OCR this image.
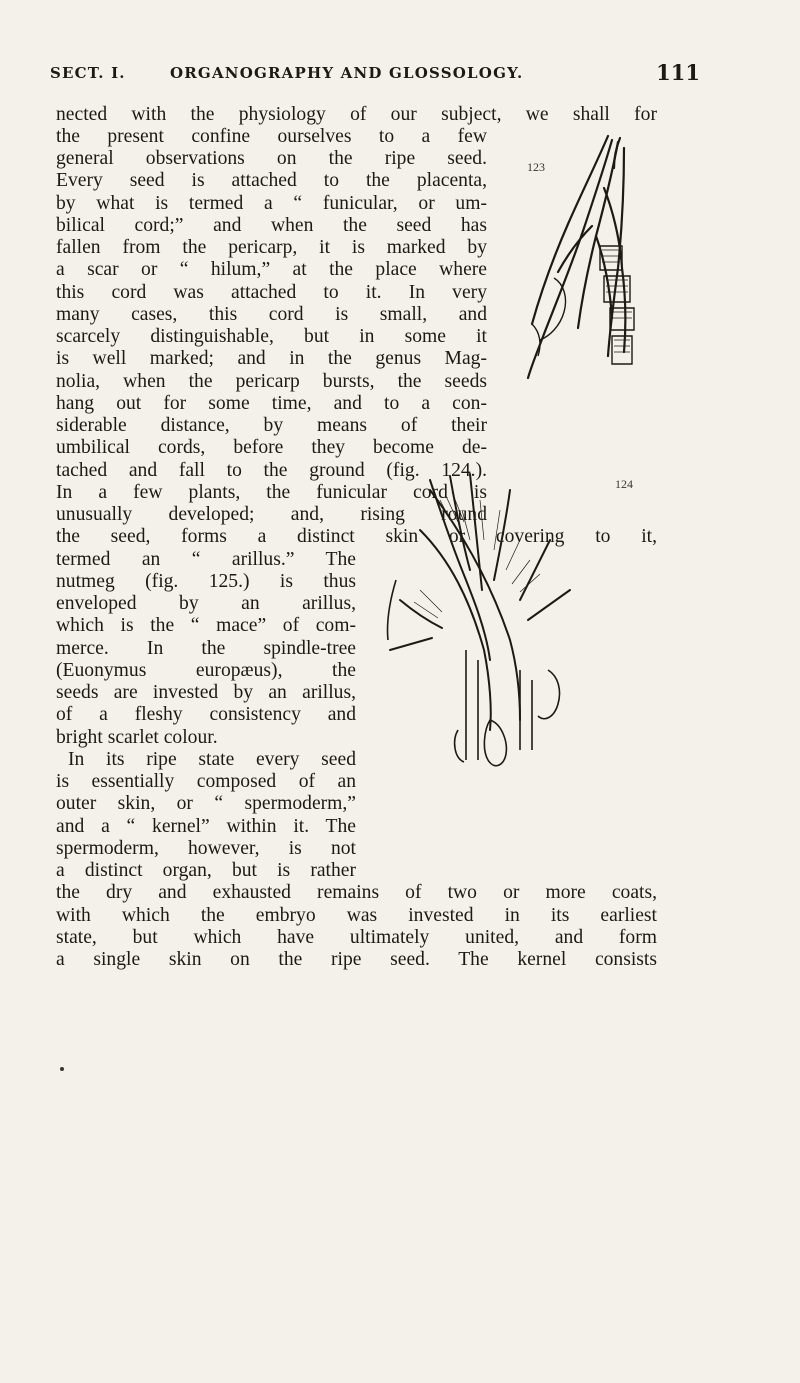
SECT. I.	ORGANOGRAPHY AND GLOSSOLOGY.	111
123
124
nected with the physiology of our subject, we shall for
the present confine ourselves to a few
general observations on the ripe seed.
Every seed is attached to the placenta,
by what is termed a “ funicular, or um-
bilical cord;” and when the seed has
fallen from the pericarp, it is marked by
a scar or “ hilum,” at the place where
this cord was attached to it. In very
many cases, this cord is small, and
scarcely distinguishable, but in some it
is well marked; and in the genus Mag-
nolia, when the pericarp bursts, the seeds
hang out for some time, and to a con-
siderable distance, by means of their
umbilical cords, before they become de-
tached and fall to the ground (fig. 124.).
In a few plants, the funicular cord is
unusually developed; and, rising round
the seed, forms a distinct skin or covering to it,
termed an “ arillus.” The
nutmeg (fig. 125.) is thus
enveloped by an arillus,
which is the “ mace” of com-
merce. In the spindle-tree
(Euonymus europæus), the
seeds are invested by an arillus,
of a fleshy consistency and
bright scarlet colour.
In its ripe state every seed
is essentially composed of an
outer skin, or “ spermoderm,”
and a “ kernel” within it. The
spermoderm, however, is not
a distinct organ, but is rather
the dry and exhausted remains of two or more coats,
with which the embryo was invested in its earliest
state, but which have ultimately united, and form
a single skin on the ripe seed. The kernel consists
